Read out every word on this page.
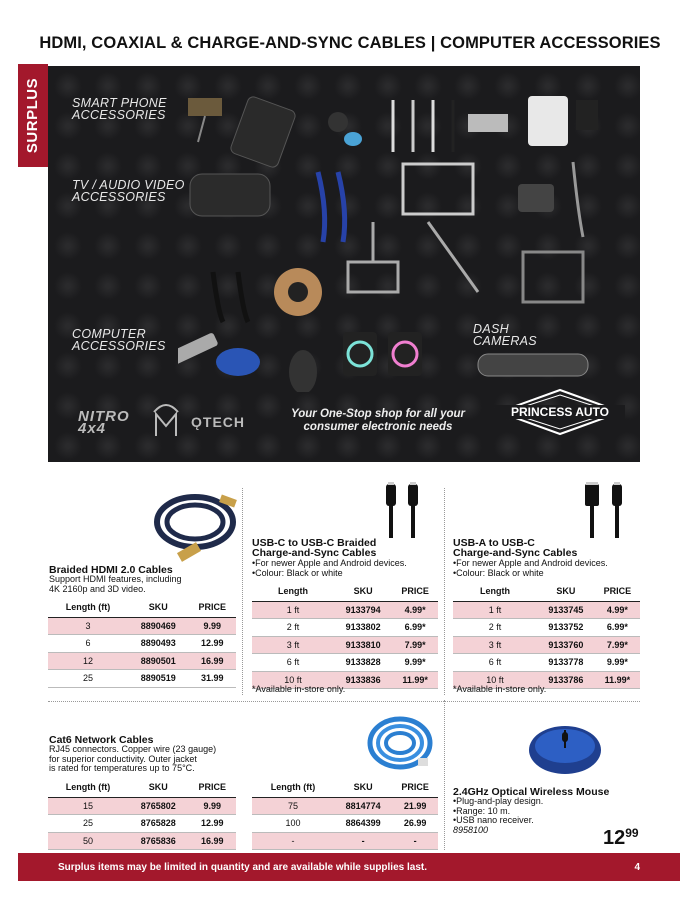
HDMI, COAXIAL & CHARGE-AND-SYNC CABLES | COMPUTER ACCESSORIES
SURPLUS SMART PHONE
ACCESSORIES
TV / AUDIO VIDEO
ACCESSORIES
COMPUTER
ACCESSORIES
DASH
CAMERAS
NITRO
4x4	ǪTECH	Your One-Stop shop for all your
consumer electronic needs
PRINCESS AUTO
Braided HDMI 2.0 Cables
Support HDMI features, including
4K 2160p and 3D video.
Length (ft)	SKU	PRICE
3	8890469	9.99
6	8890493	12.99
12	8890501	16.99
25	8890519	31.99
USB-C to USB-C Braided
Charge-and-Sync Cables
•For newer Apple and Android devices.
•Colour: Black or white
Length	SKU	PRICE
1 ft	9133794	4.99*
2 ft	9133802	6.99*
3 ft	9133810	7.99*
6 ft	9133828	9.99*
10 ft	9133836	11.99*
*Available in-store only.
USB-A to USB-C
Charge-and-Sync Cables
•For newer Apple and Android devices.
•Colour: Black or white
Length	SKU	PRICE
1 ft	9133745	4.99*
2 ft	9133752	6.99*
3 ft	9133760	7.99*
6 ft	9133778	9.99*
10 ft	9133786	11.99*
*Available in-store only.
Cat6 Network Cables
RJ45 connectors. Copper wire (23 gauge)
for superior conductivity. Outer jacket
is rated for temperatures up to 75°C.
Length (ft)	SKU	PRICE
15	8765802	9.99
25	8765828	12.99
50	8765836	16.99
Length (ft)	SKU	PRICE
75	8814774	21.99
100	8864399	26.99
-	-	-
2.4GHz Optical Wireless Mouse
•Plug-and-play design.
•Range: 10 m.
•USB nano receiver.
8958100	$12^{99}$
Surplus items may be limited in quantity and are available while supplies last.	4
